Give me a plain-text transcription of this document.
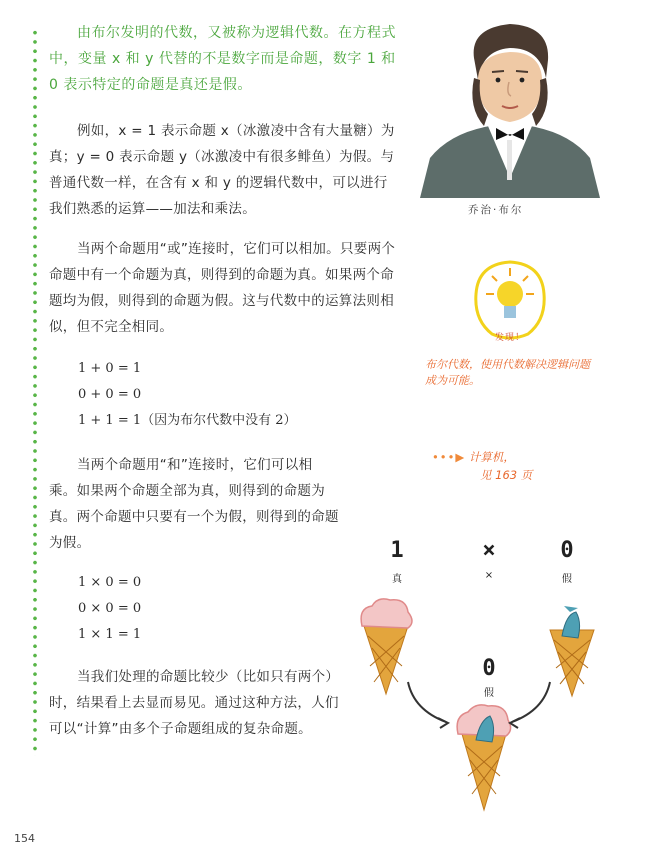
由布尔发明的代数，又被称为逻辑代数。在方程式中，变量 x 和 y 代替的不是数字而是命题，数字 1 和 0 表示特定的命题是真还是假。
例如，x = 1 表示命题 x（冰激凌中含有大量糖）为真；y = 0 表示命题 y（冰激凌中有很多鲱鱼）为假。与普通代数一样，在含有 x 和 y 的逻辑代数中，可以进行我们熟悉的运算——加法和乘法。
当两个命题用“或”连接时，它们可以相加。只要两个命题中有一个命题为真，则得到的命题为真。如果两个命题均为假，则得到的命题为假。这与代数中的运算法则相似，但不完全相同。
1 + 0 = 1
0 + 0 = 0
1 + 1 = 1（因为布尔代数中没有 2）
当两个命题用“和”连接时，它们可以相乘。如果两个命题全部为真，则得到的命题为真。两个命题中只要有一个为假，则得到的命题为假。
1 × 0 = 0
0 × 0 = 0
1 × 1 = 1
当我们处理的命题比较少（比如只有两个）时，结果看上去显而易见。通过这种方法，人们可以“计算”由多个子命题组成的复杂命题。
乔治·布尔
发现！
布尔代数，使用代数解决逻辑问题成为可能。
•••▶ 计算机，
见 163 页
1
真
×
×
0
假
0
假
154
